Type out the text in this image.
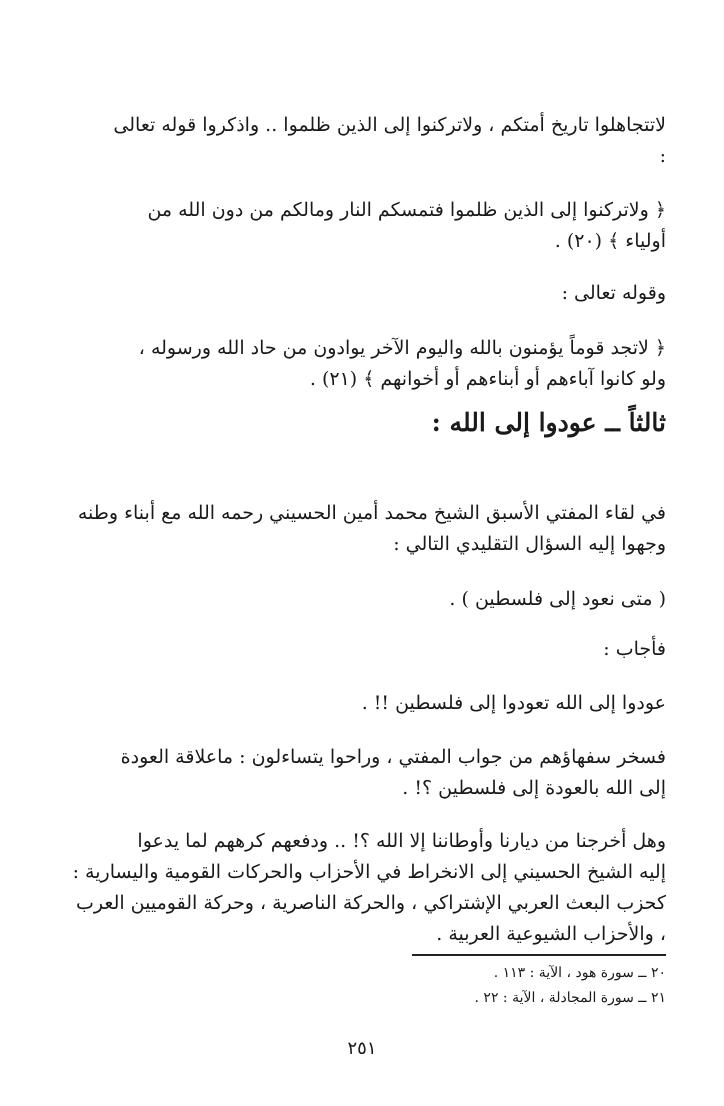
لاتتجاهلوا تاريخ أمتكم ، ولاتركنوا إلى الذين ظلموا .. واذكروا قوله تعالى
:

﴿ ولاتركنوا إلى الذين ظلموا فتمسكم النار ومالكم من دون الله من
أولياء ﴾ (٢٠) .

وقوله تعالى :

﴿ لاتجد قوماً يؤمنون بالله واليوم الآخر يوادون من حاد الله ورسوله ،
ولو كانوا آباءهم أو أبناءهم أو أخوانهم ﴾ (٢١) .

ثالثاً ــ عودوا إلى الله :

في لقاء المفتي الأسبق الشيخ محمد أمين الحسيني رحمه الله مع أبناء وطنه
وجهوا إليه السؤال التقليدي التالي :

( متى نعود إلى فلسطين ) .

فأجاب :

عودوا إلى الله تعودوا إلى فلسطين !! .

فسخر سفهاؤهم من جواب المفتي ، وراحوا يتساءلون : ماعلاقة العودة
إلى الله بالعودة إلى فلسطين ؟! .

وهل أخرجنا من ديارنا وأوطاننا إلا الله ؟! .. ودفعهم كرههم لما يدعوا
إليه الشيخ الحسيني إلى الانخراط في الأحزاب والحركات القومية واليسارية :
كحزب البعث العربي الإشتراكي ، والحركة الناصرية ، وحركة القوميين العرب
، والأحزاب الشيوعية العربية .

٢٠ ــ سورة هود ، الآية : ١١٣ .

٢١ ــ سورة المجادلة ، الآية : ٢٢ .

٢٥١
